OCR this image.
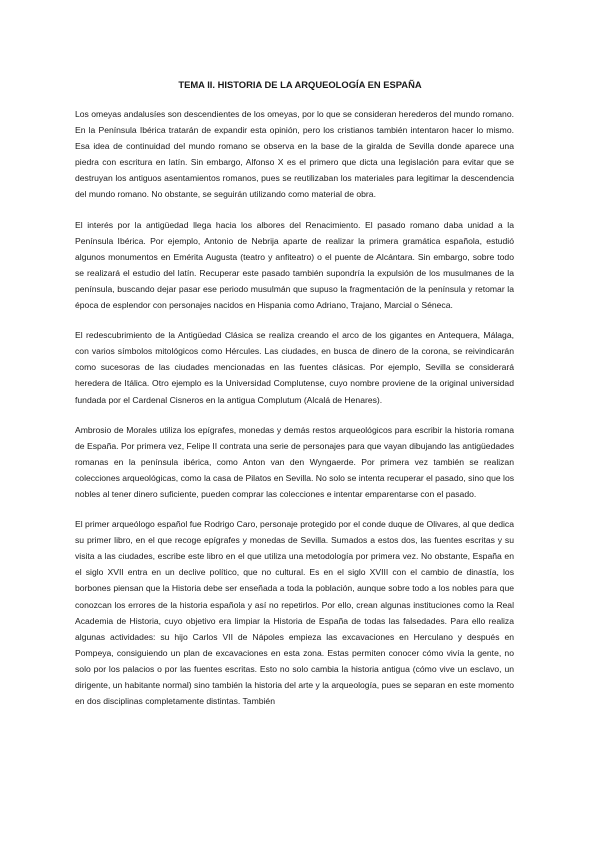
TEMA II. HISTORIA DE LA ARQUEOLOGÍA EN ESPAÑA

Los omeyas andalusíes son descendientes de los omeyas, por lo que se consideran herederos del mundo romano. En la Península Ibérica tratarán de expandir esta opinión, pero los cristianos también intentaron hacer lo mismo. Esa idea de continuidad del mundo romano se observa en la base de la giralda de Sevilla donde aparece una piedra con escritura en latín. Sin embargo, Alfonso X es el primero que dicta una legislación para evitar que se destruyan los antiguos asentamientos romanos, pues se reutilizaban los materiales para legitimar la descendencia del mundo romano. No obstante, se seguirán utilizando como material de obra.

El interés por la antigüedad llega hacia los albores del Renacimiento. El pasado romano daba unidad a la Península Ibérica. Por ejemplo, Antonio de Nebrija aparte de realizar la primera gramática española, estudió algunos monumentos en Emérita Augusta (teatro y anfiteatro) o el puente de Alcántara. Sin embargo, sobre todo se realizará el estudio del latín. Recuperar este pasado también supondría la expulsión de los musulmanes de la península, buscando dejar pasar ese periodo musulmán que supuso la fragmentación de la península y retomar la época de esplendor con personajes nacidos en Hispania como Adriano, Trajano, Marcial o Séneca.

El redescubrimiento de la Antigüedad Clásica se realiza creando el arco de los gigantes en Antequera, Málaga, con varios símbolos mitológicos como Hércules. Las ciudades, en busca de dinero de la corona, se reivindicarán como sucesoras de las ciudades mencionadas en las fuentes clásicas. Por ejemplo, Sevilla se considerará heredera de Itálica. Otro ejemplo es la Universidad Complutense, cuyo nombre proviene de la original universidad fundada por el Cardenal Cisneros en la antigua Complutum (Alcalá de Henares).

Ambrosio de Morales utiliza los epígrafes, monedas y demás restos arqueológicos para escribir la historia romana de España. Por primera vez, Felipe II contrata una serie de personajes para que vayan dibujando las antigüedades romanas en la península ibérica, como Anton van den Wyngaerde. Por primera vez también se realizan colecciones arqueológicas, como la casa de Pilatos en Sevilla. No solo se intenta recuperar el pasado, sino que los nobles al tener dinero suficiente, pueden comprar las colecciones e intentar emparentarse con el pasado.

El primer arqueólogo español fue Rodrigo Caro, personaje protegido por el conde duque de Olivares, al que dedica su primer libro, en el que recoge epígrafes y monedas de Sevilla. Sumados a estos dos, las fuentes escritas y su visita a las ciudades, escribe este libro en el que utiliza una metodología por primera vez. No obstante, España en el siglo XVII entra en un declive político, que no cultural. Es en el siglo XVIII con el cambio de dinastía, los borbones piensan que la Historia debe ser enseñada a toda la población, aunque sobre todo a los nobles para que conozcan los errores de la historia española y así no repetirlos. Por ello, crean algunas instituciones como la Real Academia de Historia, cuyo objetivo era limpiar la Historia de España de todas las falsedades. Para ello realiza algunas actividades: su hijo Carlos VII de Nápoles empieza las excavaciones en Herculano y después en Pompeya, consiguiendo un plan de excavaciones en esta zona. Estas permiten conocer cómo vivía la gente, no solo por los palacios o por las fuentes escritas. Esto no solo cambia la historia antigua (cómo vive un esclavo, un dirigente, un habitante normal) sino también la historia del arte y la arqueología, pues se separan en este momento en dos disciplinas completamente distintas. También
